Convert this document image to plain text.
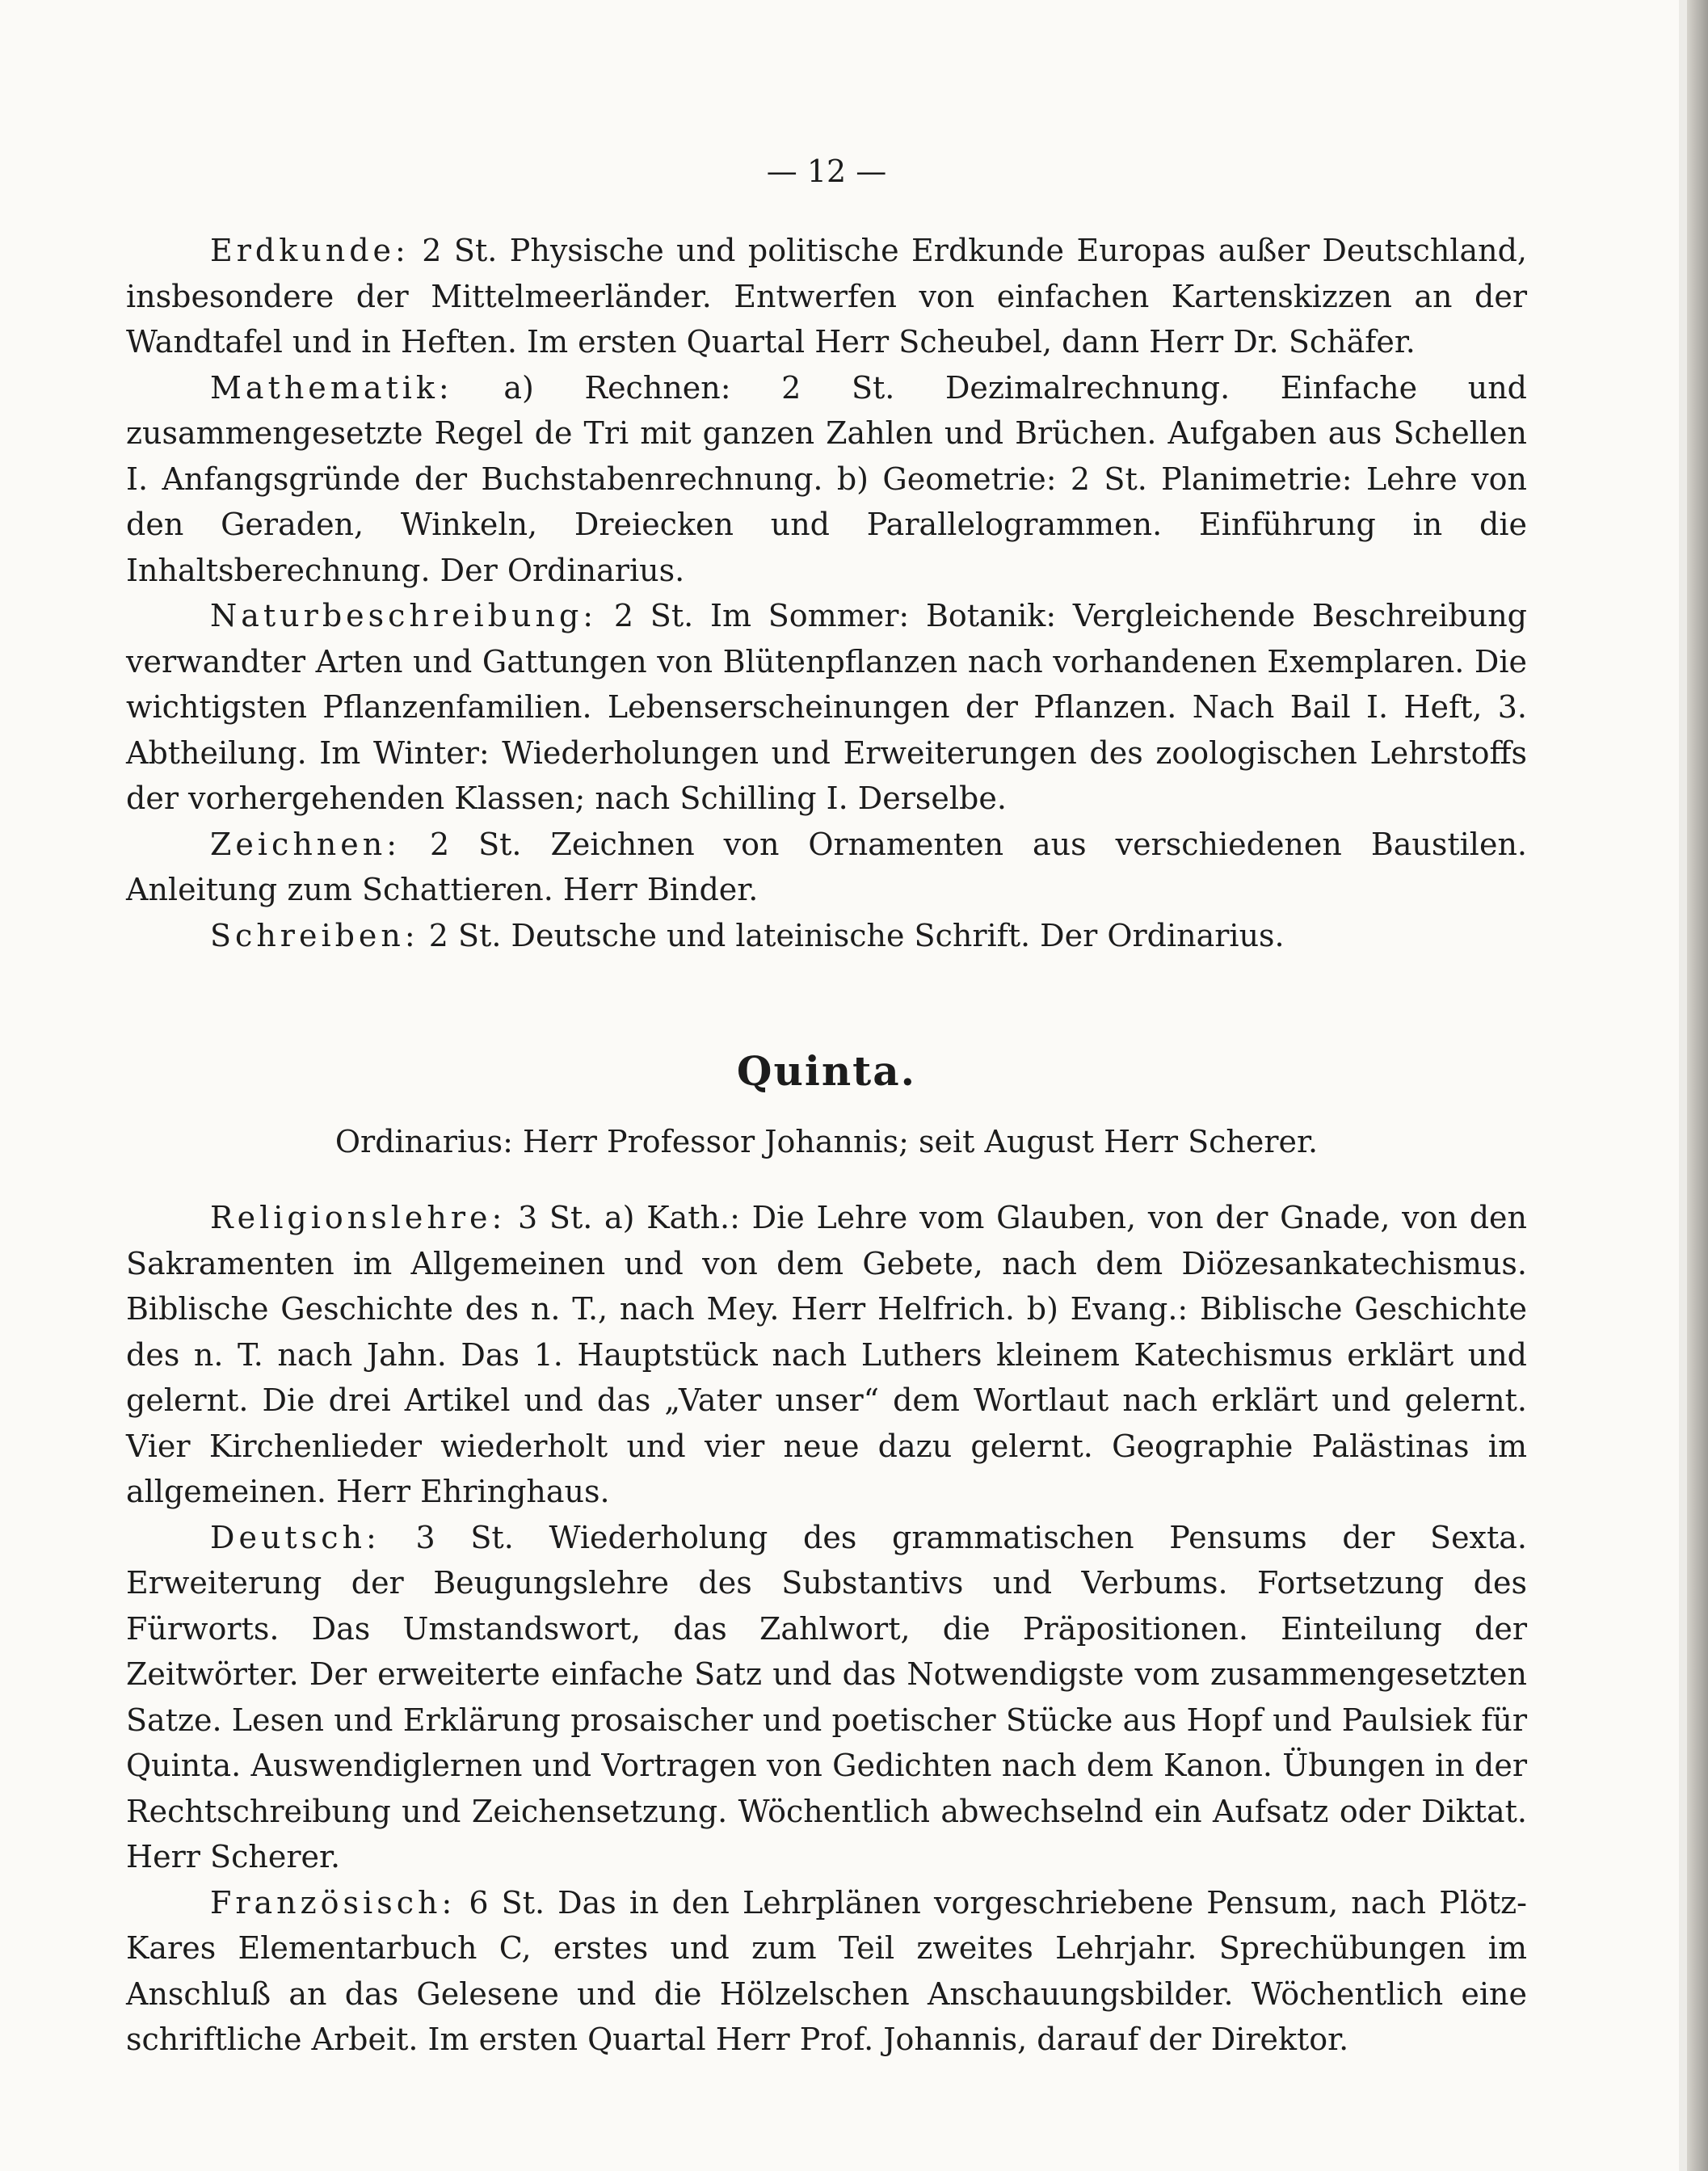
— 12 —

Erdkunde: 2 St. Physische und politische Erdkunde Europas außer Deutschland, insbesondere der Mittelmeerländer. Entwerfen von einfachen Kartenskizzen an der Wandtafel und in Heften. Im ersten Quartal Herr Scheubel, dann Herr Dr. Schäfer.

Mathematik: a) Rechnen: 2 St. Dezimalrechnung. Einfache und zusammengesetzte Regel de Tri mit ganzen Zahlen und Brüchen. Aufgaben aus Schellen I. Anfangsgründe der Buchstabenrechnung. b) Geometrie: 2 St. Planimetrie: Lehre von den Geraden, Winkeln, Dreiecken und Parallelogrammen. Einführung in die Inhaltsberechnung. Der Ordinarius.

Naturbeschreibung: 2 St. Im Sommer: Botanik: Vergleichende Beschreibung verwandter Arten und Gattungen von Blütenpflanzen nach vorhandenen Exemplaren. Die wichtigsten Pflanzenfamilien. Lebenserscheinungen der Pflanzen. Nach Bail I. Heft, 3. Abtheilung. Im Winter: Wiederholungen und Erweiterungen des zoologischen Lehrstoffs der vorhergehenden Klassen; nach Schilling I. Derselbe.

Zeichnen: 2 St. Zeichnen von Ornamenten aus verschiedenen Baustilen. Anleitung zum Schattieren. Herr Binder.

Schreiben: 2 St. Deutsche und lateinische Schrift. Der Ordinarius.

Quinta.
Ordinarius: Herr Professor Johannis; seit August Herr Scherer.

Religionslehre: 3 St. a) Kath.: Die Lehre vom Glauben, von der Gnade, von den Sakramenten im Allgemeinen und von dem Gebete, nach dem Diözesankatechismus. Biblische Geschichte des n. T., nach Mey. Herr Helfrich. b) Evang.: Biblische Geschichte des n. T. nach Jahn. Das 1. Hauptstück nach Luthers kleinem Katechismus erklärt und gelernt. Die drei Artikel und das „Vater unser“ dem Wortlaut nach erklärt und gelernt. Vier Kirchenlieder wiederholt und vier neue dazu gelernt. Geographie Palästinas im allgemeinen. Herr Ehringhaus.

Deutsch: 3 St. Wiederholung des grammatischen Pensums der Sexta. Erweiterung der Beugungslehre des Substantivs und Verbums. Fortsetzung des Fürworts. Das Umstandswort, das Zahlwort, die Präpositionen. Einteilung der Zeitwörter. Der erweiterte einfache Satz und das Notwendigste vom zusammengesetzten Satze. Lesen und Erklärung prosaischer und poetischer Stücke aus Hopf und Paulsiek für Quinta. Auswendiglernen und Vortragen von Gedichten nach dem Kanon. Übungen in der Rechtschreibung und Zeichensetzung. Wöchentlich abwechselnd ein Aufsatz oder Diktat. Herr Scherer.

Französisch: 6 St. Das in den Lehrplänen vorgeschriebene Pensum, nach Plötz-Kares Elementarbuch C, erstes und zum Teil zweites Lehrjahr. Sprechübungen im Anschluß an das Gelesene und die Hölzelschen Anschauungsbilder. Wöchentlich eine schriftliche Arbeit. Im ersten Quartal Herr Prof. Johannis, darauf der Direktor.
